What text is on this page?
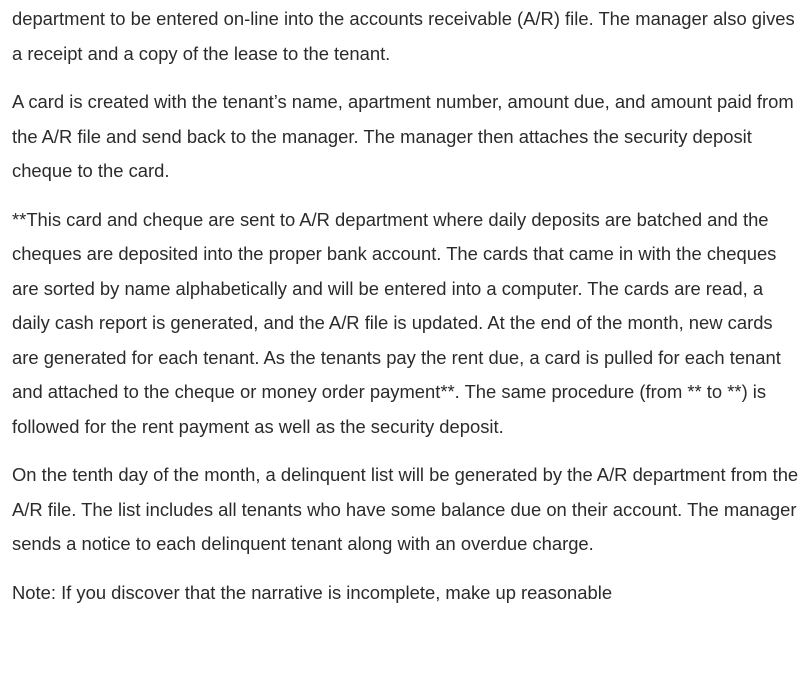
department to be entered on-line into the accounts receivable (A/R) file. The manager also gives a receipt and a copy of the lease to the tenant.

A card is created with the tenant’s name, apartment number, amount due, and amount paid from the A/R file and send back to the manager. The manager then attaches the security deposit cheque to the card.

**This card and cheque are sent to A/R department where daily deposits are batched and the cheques are deposited into the proper bank account. The cards that came in with the cheques are sorted by name alphabetically and will be entered into a computer. The cards are read, a daily cash report is generated, and the A/R file is updated. At the end of the month, new cards are generated for each tenant. As the tenants pay the rent due, a card is pulled for each tenant and attached to the cheque or money order payment**. The same procedure (from ** to **) is followed for the rent payment as well as the security deposit.

On the tenth day of the month, a delinquent list will be generated by the A/R department from the A/R file. The list includes all tenants who have some balance due on their account. The manager sends a notice to each delinquent tenant along with an overdue charge.

Note: If you discover that the narrative is incomplete, make up reasonable
